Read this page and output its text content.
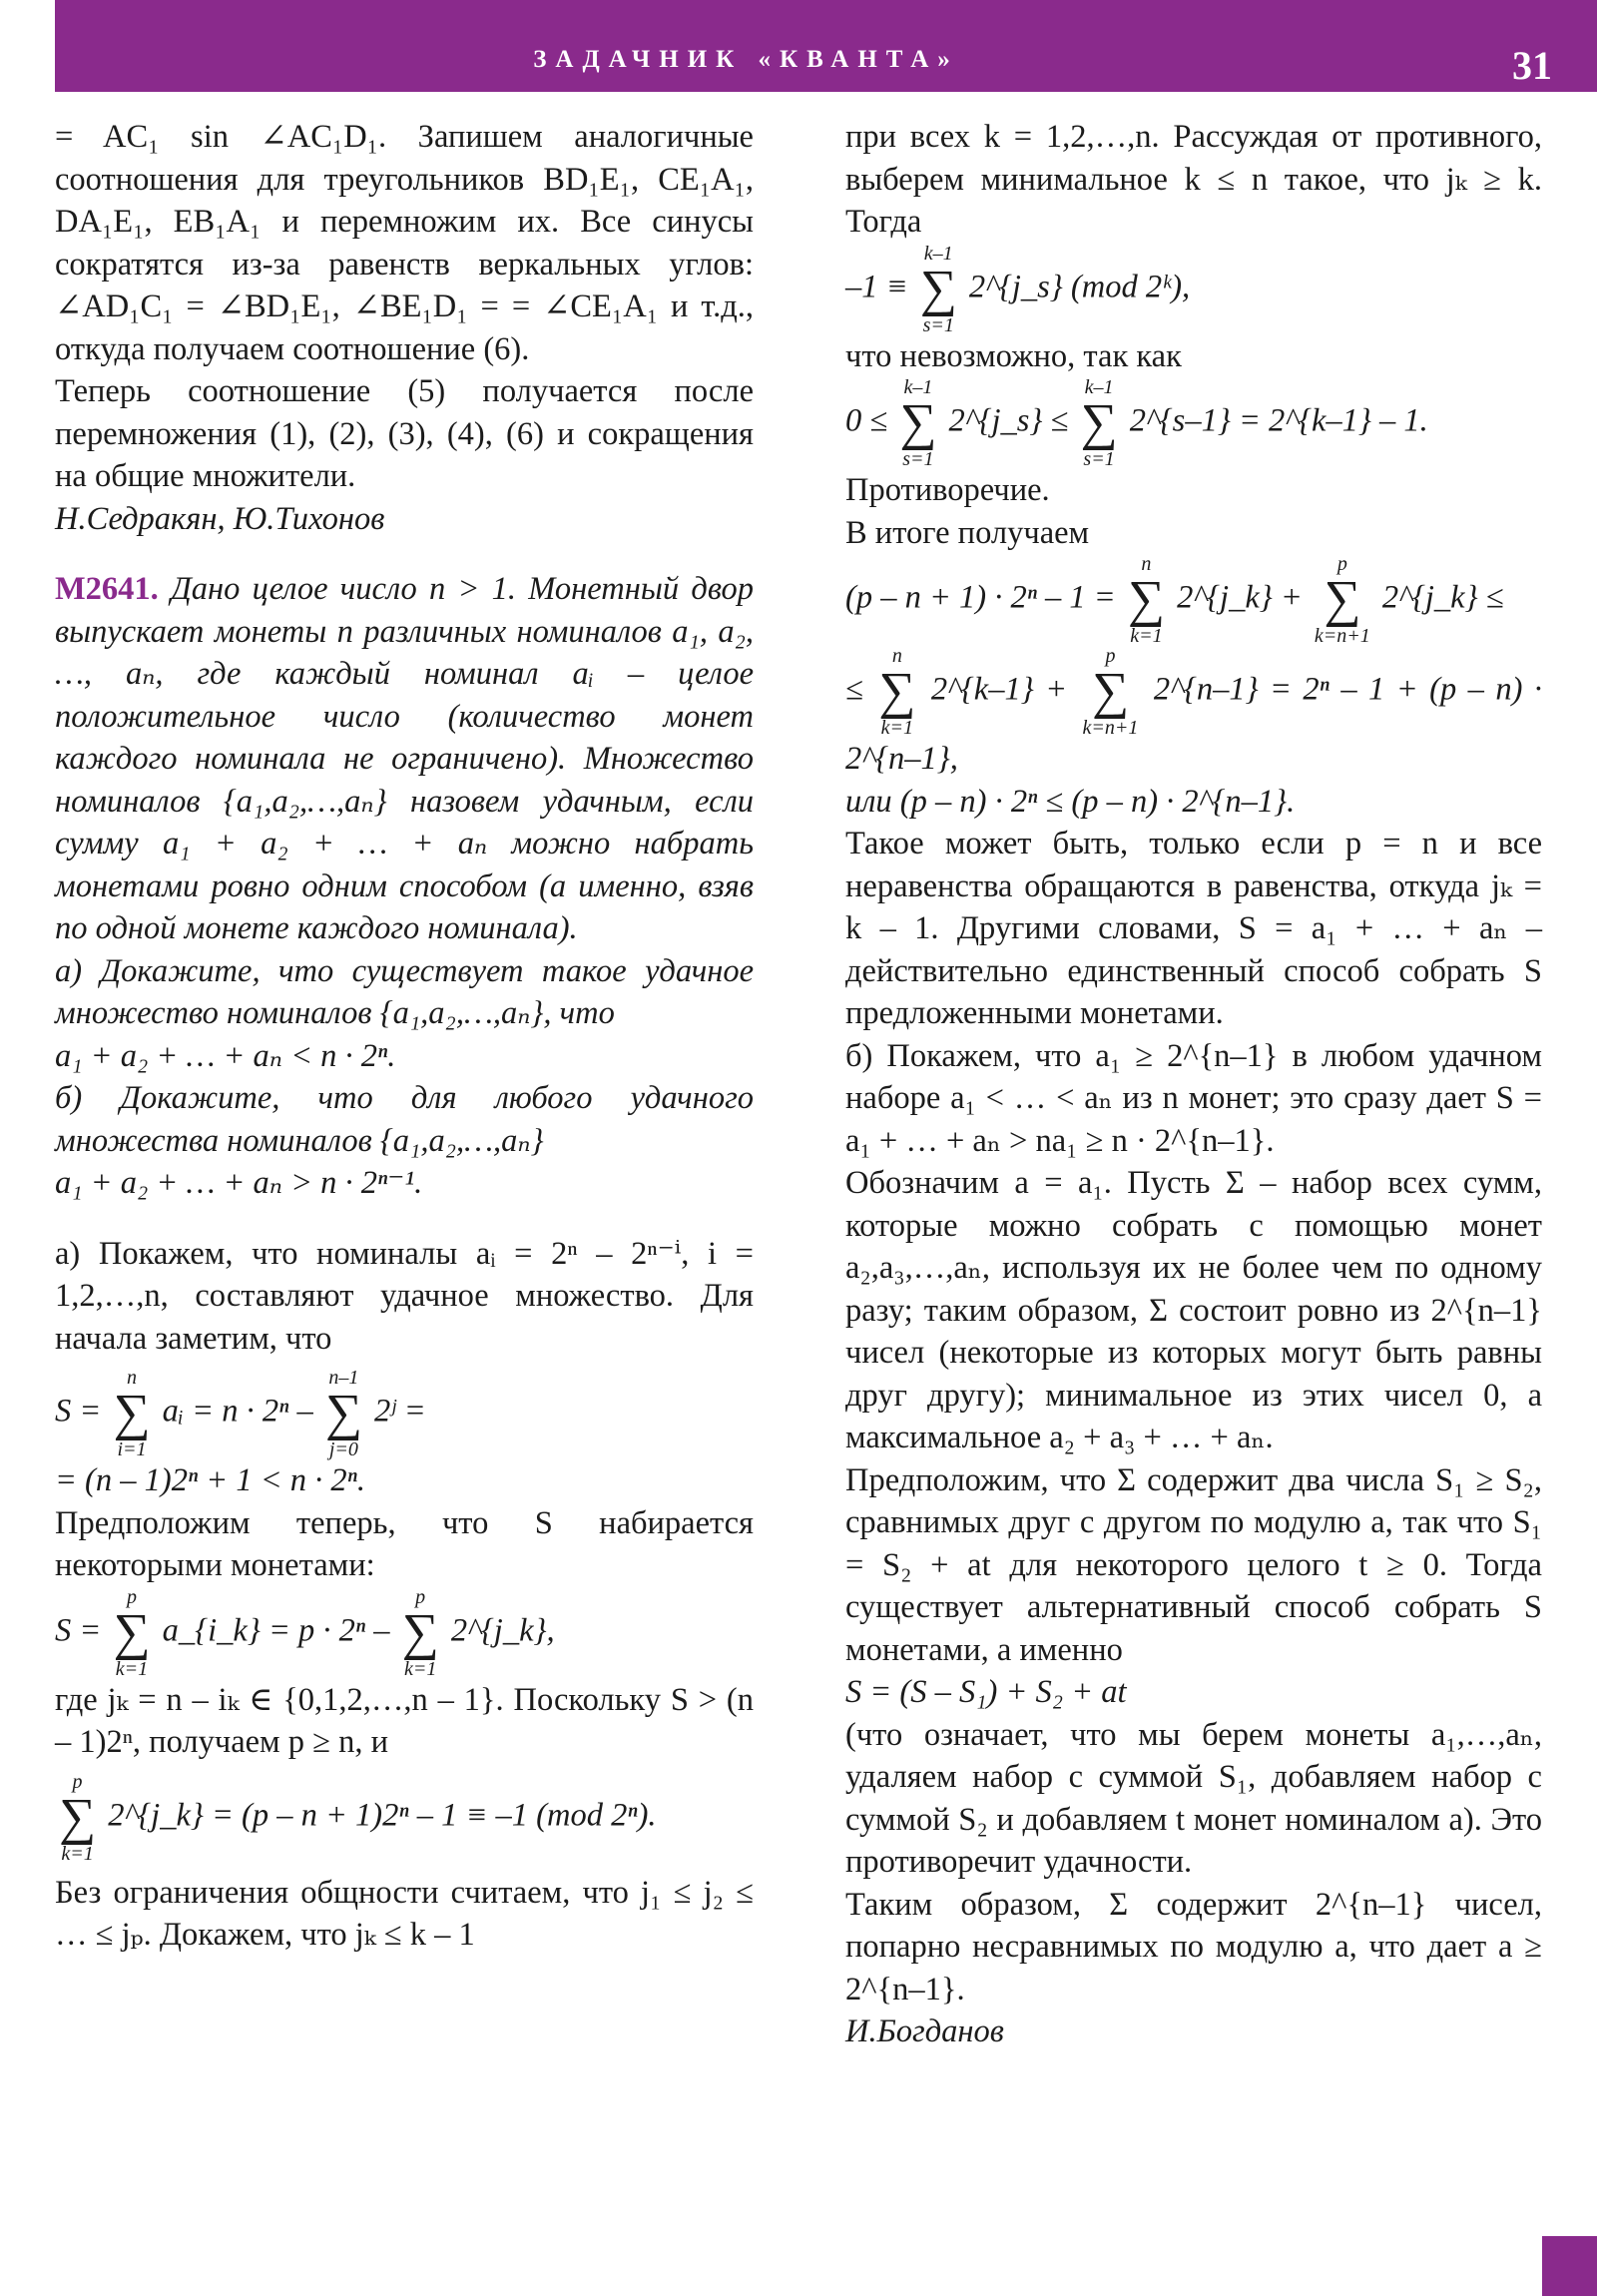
ЗАДАЧНИК «КВАНТА»	31

= AC₁ sin ∠AC₁D₁. Запишем аналогичные соотношения для треугольников BD₁E₁, CE₁A₁, DA₁E₁, EB₁A₁ и перемножим их. Все синусы сократятся из-за равенств веркальных углов: ∠AD₁C₁ = ∠BD₁E₁, ∠BE₁D₁ = = ∠CE₁A₁ и т.д., откуда получаем соотношение (6).

Теперь соотношение (5) получается после перемножения (1), (2), (3), (4), (6) и сокращения на общие множители.

Н.Седракян, Ю.Тихонов

M2641. Дано целое число n > 1. Монетный двор выпускает монеты n различных номиналов a₁, a₂, …, aₙ, где каждый номинал aᵢ – целое положительное число (количество монет каждого номинала не ограничено). Множество номиналов {a₁,a₂,…,aₙ} назовем удачным, если сумму a₁ + a₂ + … + aₙ можно набрать монетами ровно одним способом (а именно, взяв по одной монете каждого номинала).

а) Докажите, что существует такое удачное множество номиналов {a₁,a₂,…,aₙ}, что

a₁ + a₂ + … + aₙ < n · 2ⁿ.

б) Докажите, что для любого удачного множества номиналов {a₁,a₂,…,aₙ}

a₁ + a₂ + … + aₙ > n · 2ⁿ⁻¹.

а) Покажем, что номиналы aᵢ = 2ⁿ – 2ⁿ⁻ⁱ, i = 1,2,…,n, составляют удачное множество. Для начала заметим, что

S =
n
∑
i=1
aᵢ = n · 2ⁿ –
n–1
∑
j=0
2ʲ =

= (n – 1)2ⁿ + 1 < n · 2ⁿ.

Предположим теперь, что S набирается некоторыми монетами:

S =
p
∑
k=1
a_{i_k} = p · 2ⁿ –
p
∑
k=1
2^{j_k},

где jₖ = n – iₖ ∈ {0,1,2,…,n – 1}. Поскольку S > (n – 1)2ⁿ, получаем p ≥ n, и

p
∑
k=1
2^{j_k} = (p – n + 1)2ⁿ – 1 ≡ –1 (mod 2ⁿ).

Без ограничения общности считаем, что j₁ ≤ j₂ ≤ … ≤ jₚ. Докажем, что jₖ ≤ k – 1

при всех k = 1,2,…,n. Рассуждая от противного, выберем минимальное k ≤ n такое, что jₖ ≥ k. Тогда

–1 ≡
k–1
∑
s=1
2^{j_s} (mod 2ᵏ),

что невозможно, так как

0 ≤
k–1
∑
s=1
2^{j_s} ≤
k–1
∑
s=1
2^{s–1} = 2^{k–1} – 1.

Противоречие.

В итоге получаем

(p – n + 1) · 2ⁿ – 1 =
n
∑
k=1
2^{j_k} +
p
∑
k=n+1
2^{j_k} ≤

≤
n
∑
k=1
2^{k–1} +
p
∑
k=n+1
2^{n–1} = 2ⁿ – 1 + (p – n) · 2^{n–1},

или (p – n) · 2ⁿ ≤ (p – n) · 2^{n–1}.

Такое может быть, только если p = n и все неравенства обращаются в равенства, откуда jₖ = k – 1. Другими словами, S = a₁ + … + aₙ – действительно единственный способ собрать S предложенными монетами.

б) Покажем, что a₁ ≥ 2^{n–1} в любом удачном наборе a₁ < … < aₙ из n монет; это сразу дает S = a₁ + … + aₙ > na₁ ≥ n · 2^{n–1}.

Обозначим a = a₁. Пусть Σ – набор всех сумм, которые можно собрать с помощью монет a₂,a₃,…,aₙ, используя их не более чем по одному разу; таким образом, Σ состоит ровно из 2^{n–1} чисел (некоторые из которых могут быть равны друг другу); минимальное из этих чисел 0, а максимальное a₂ + a₃ + … + aₙ.

Предположим, что Σ содержит два числа S₁ ≥ S₂, сравнимых друг с другом по модулю a, так что S₁ = S₂ + at для некоторого целого t ≥ 0. Тогда существует альтернативный способ собрать S монетами, а именно

S = (S – S₁) + S₂ + at

(что означает, что мы берем монеты a₁,…,aₙ, удаляем набор с суммой S₁, добавляем набор с суммой S₂ и добавляем t монет номиналом a). Это противоречит удачности.

Таким образом, Σ содержит 2^{n–1} чисел, попарно несравнимых по модулю a, что дает a ≥ 2^{n–1}.

И.Богданов
